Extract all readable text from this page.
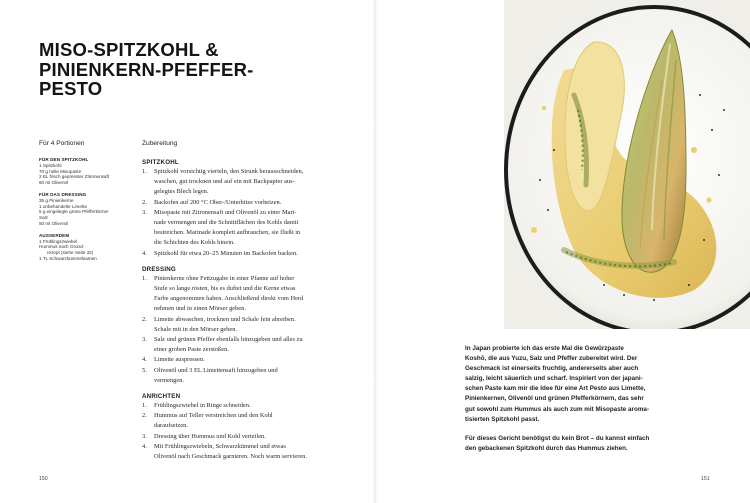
MISO-SPITZKOHL &
PINIENKERN-PFEFFER-
PESTO
Für 4 Portionen	Zubereitung
FÜR DEN SPITZKOHL
1 Spitzkohl
70 g helle Misopaste
2 EL frisch gepresster Zitronensaft
60 ml Olivenöl
FÜR DAS DRESSING
35 g Pinienkerne
1 unbehandelte Limette
5 g eingelegte grüne Pfefferkörner
Salz
50 ml Olivenöl
AUSSERDEM
1 Frühlingszwiebel
Hummus nach Grund-
rezept (siehe Seite 32)
1 TL Schwarzkümmelsamen
SPITZKOHL
1.	Spitzkohl vorsichtig vierteln, den Strunk herausschneiden,
waschen, gut trocknen und auf ein mit Backpapier aus-
gelegtes Blech legen.
2.	Backofen auf 200 °C Ober-/Unterhitze vorheizen.
3.	Misopaste mit Zitronensaft und Olivenöl zu einer Mari-
nade vermengen und die Schnittflächen des Kohls damit
bestreichen. Marinade komplett aufbrauchen, sie fließt in
die Schichten des Kohls hinein.
4.	Spitzkohl für etwa 20–25 Minuten im Backofen backen.
DRESSING
1.	Pinienkerne ohne Fettzugabe in einer Pfanne auf hoher
Stufe so lange rösten, bis es duftet und die Kerne etwas
Farbe angenommen haben. Anschließend direkt vom Herd
nehmen und in einen Mörser geben.
2.	Limette abwaschen, trocknen und Schale fein abreiben.
Schale mit in den Mörser geben.
3.	Salz und grünen Pfeffer ebenfalls hinzugeben und alles zu
einer groben Paste zerstoßen.
4.	Limette auspressen.
5.	Olivenöl und 3 EL Limettensaft hinzugeben und
vermengen.
ANRICHTEN
1.	Frühlingszwiebel in Ringe schneiden.
2.	Hummus auf Teller verstreichen und den Kohl
daraufsetzen.
3.	Dressing über Hummus und Kohl verteilen.
4.	Mit Frühlingszwiebeln, Schwarzkümmel und etwas
Olivenöl nach Geschmack garnieren. Noch warm servieren.
150
In Japan probierte ich das erste Mal die Gewürzpaste
Koshō, die aus Yuzu, Salz und Pfeffer zubereitet wird. Der
Geschmack ist einerseits fruchtig, andererseits aber auch
salzig, leicht säuerlich und scharf. Inspiriert von der japani-
schen Paste kam mir die Idee für eine Art Pesto aus Limette,
Pinienkernen, Olivenöl und grünen Pfefferkörnern, das sehr
gut sowohl zum Hummus als auch zum mit Misopaste aroma-
tisierten Spitzkohl passt.
Für dieses Gericht benötigst du kein Brot – du kannst einfach
den gebackenen Spitzkohl durch das Hummus ziehen.
151
